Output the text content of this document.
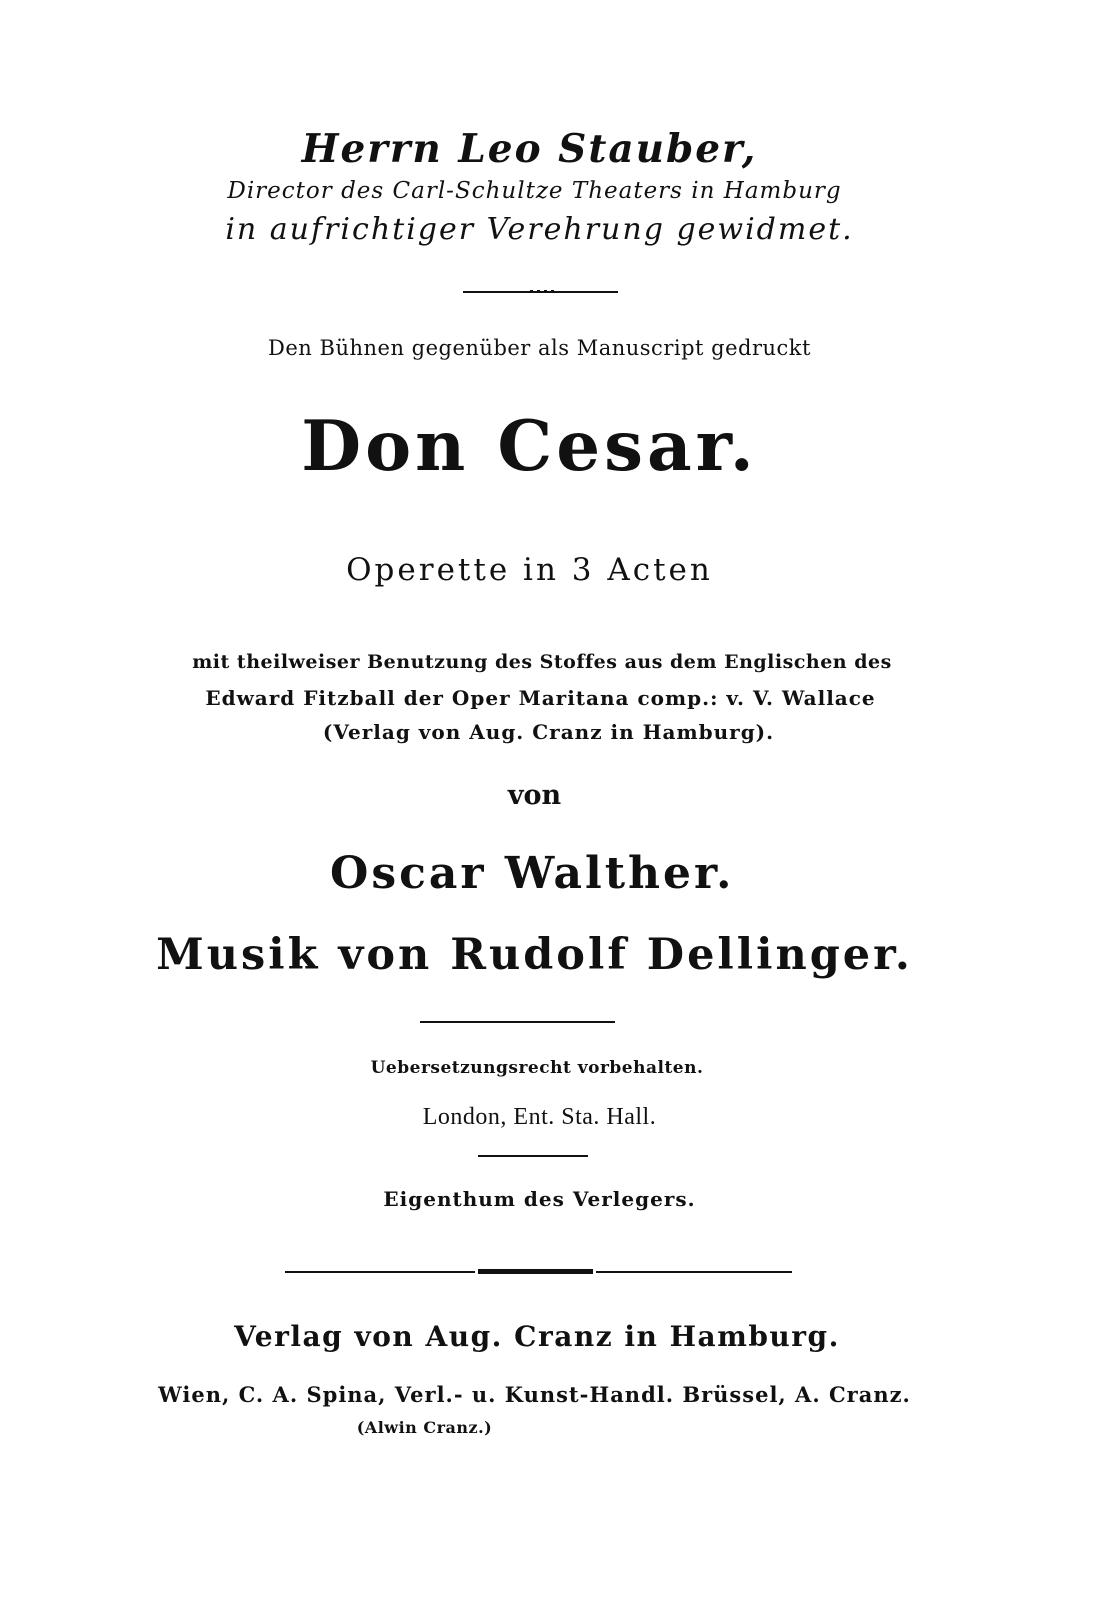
Herrn Leo Stauber,
Director des Carl-Schultze Theaters in Hamburg
in aufrichtiger Verehrung gewidmet.
Den Bühnen gegenüber als Manuscript gedruckt
Don Cesar.
Operette in 3 Acten
mit theilweiser Benutzung des Stoffes aus dem Englischen des
Edward Fitzball der Oper Maritana comp.: v. V. Wallace
(Verlag von Aug. Cranz in Hamburg).
von
Oscar Walther.
Musik von Rudolf Dellinger.
Uebersetzungsrecht vorbehalten.
London, Ent. Sta. Hall.
Eigenthum des Verlegers.
Verlag von Aug. Cranz in Hamburg.
Wien, C. A. Spina, Verl.- u. Kunst-Handl. Brüssel, A. Cranz.
(Alwin Cranz.)
